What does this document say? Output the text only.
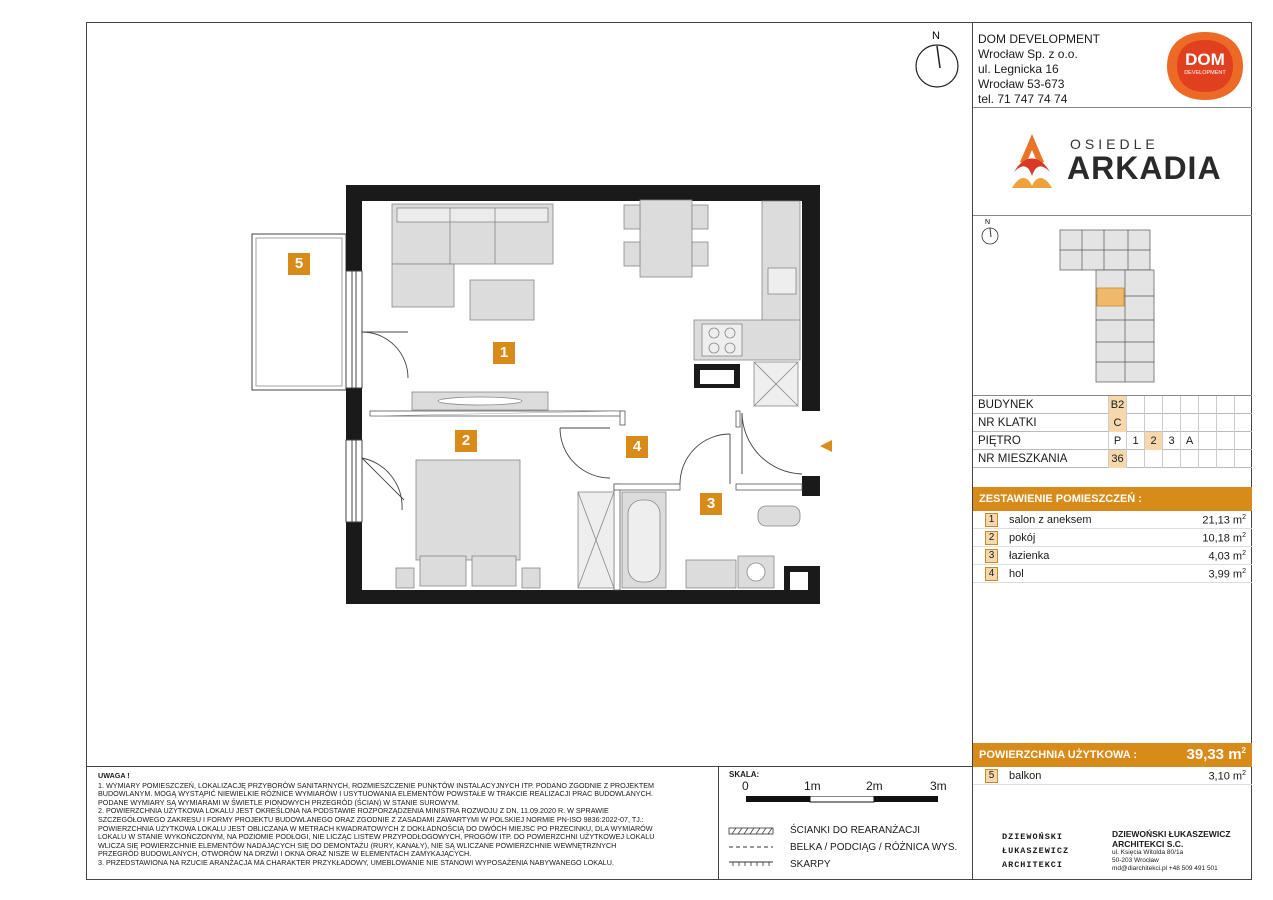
N
1
2
3
4
5
DOM DEVELOPMENT
Wrocław Sp. z o.o.
ul. Legnicka 16
Wrocław 53-673
tel. 71 747 74 74
DOM
DEVELOPMENT
OSIEDLE
ARKADIA
N
BUDYNEK	B2
NR KLATKI	C
PIĘTRO	P	1	2	3	A
NR MIESZKANIA	36
ZESTAWIENIE POMIESZCZEŃ :
1	salon z aneksem	21,13 $m^2$
2	pokój	10,18 $m^2$
3	łazienka	4,03 $m^2$
4	hol	3,99 $m^2$
POWIERZCHNIA UŻYTKOWA :	39,33 $m^2$
5	balkon	3,10 $m^2$
UWAGA !
1. WYMIARY POMIESZCZEŃ, LOKALIZACJĘ PRZYBORÓW SANITARNYCH, ROZMIESZCZENIE PUNKTÓW INSTALACYJNYCH ITP. PODANO ZGODNIE Z PROJEKTEM
BUDOWLANYM. MOGĄ WYSTĄPIĆ NIEWIELKIE RÓŻNICE WYMIARÓW I USYTUOWANIA ELEMENTÓW POWSTAŁE W TRAKCIE REALIZACJI PRAC BUDOWLANYCH.
PODANE WYMIARY SĄ WYMIARAMI W ŚWIETLE PIONOWYCH PRZEGRÓD (ŚCIAN) W STANIE SUROWYM.
2. POWIERZCHNIA UŻYTKOWA LOKALU JEST OKREŚLONA NA PODSTAWIE ROZPORZĄDZENIA MINISTRA ROZWOJU Z DN. 11.09.2020 R. W SPRAWIE
SZCZEGÓŁOWEGO ZAKRESU I FORMY PROJEKTU BUDOWLANEGO ORAZ ZGODNIE Z ZASADAMI ZAWARTYMI W POLSKIEJ NORMIE PN-ISO 9836:2022-07, TJ.:
POWIERZCHNIA UŻYTKOWA LOKALU JEST OBLICZANA W METRACH KWADRATOWYCH Z DOKŁADNOŚCIĄ DO DWÓCH MIEJSC PO PRZECINKU, DLA WYMIARÓW
LOKALU W STANIE WYKOŃCZONYM, NA POZIOMIE PODŁOGI, NIE LICZĄC LISTEW PRZYPODŁOGOWYCH, PROGÓW ITP. DO POWIERZCHNI UŻYTKOWEJ LOKALU
WLICZA SIĘ POWIERZCHNIE ELEMENTÓW NADAJĄCYCH SIĘ DO DEMONTAŻU (RURY, KANAŁY), NIE SĄ WLICZANE POWIERZCHNIE WEWNĘTRZNYCH
PRZEGRÓD BUDOWLANYCH, OTWORÓW NA DRZWI I OKNA ORAZ NISZE W ELEMENTACH ZAMYKAJĄCYCH.
3. PRZEDSTAWIONA NA RZUCIE ARANŻACJA MA CHARAKTER PRZYKŁADOWY, UMEBLOWANIE NIE STANOWI WYPOSAŻENIA NABYWANEGO LOKALU.
SKALA:
0	1m	2m	3m
ŚCIANKI DO REARANŻACJI
BELKA / PODCIĄG / RÓŻNICA WYS.
SKARPY
DZIEWOŃSKI
ŁUKASZEWICZ
ARCHITEKCI
DZIEWOŃSKI ŁUKASZEWICZ
ARCHITEKCI S.C.
ul. Księcia Witolda 80/1a
50-203 Wrocław
md@diarchitekci.pl +48 509 491 501
